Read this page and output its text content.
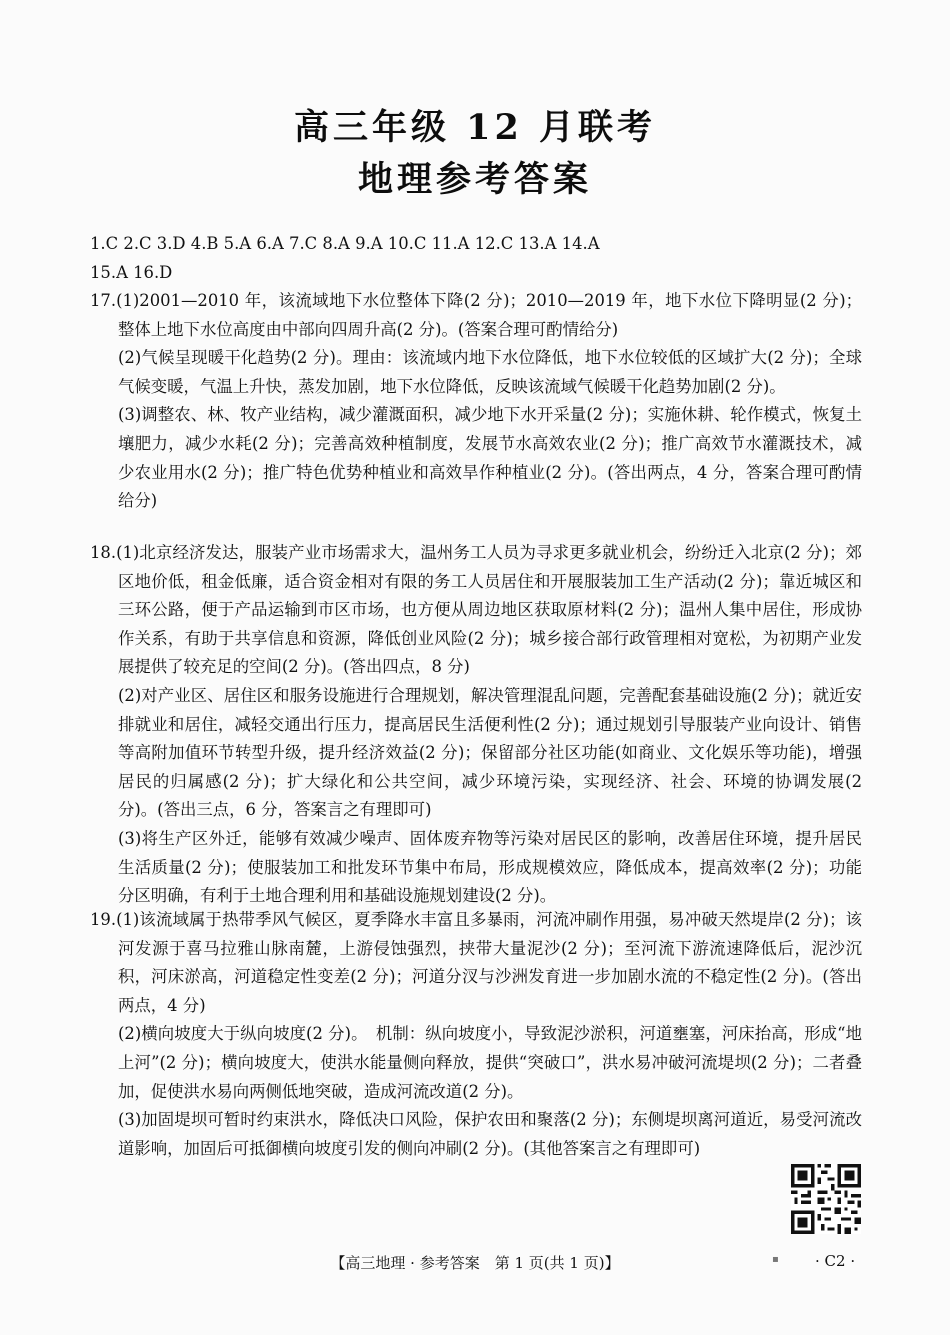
高三年级 12 月联考
地理参考答案

1.C 2.C 3.D 4.B 5.A 6.A 7.C 8.A 9.A 10.C 11.A 12.C 13.A 14.A

15.A 16.D

17.(1)2001—2010 年，该流域地下水位整体下降(2 分)；2010—2019 年，地下水位下降明显(2 分)；整体上地下水位高度由中部向四周升高(2 分)。(答案合理可酌情给分)

(2)气候呈现暖干化趋势(2 分)。理由：该流域内地下水位降低，地下水位较低的区域扩大(2 分)；全球气候变暖，气温上升快，蒸发加剧，地下水位降低，反映该流域气候暖干化趋势加剧(2 分)。

(3)调整农、林、牧产业结构，减少灌溉面积，减少地下水开采量(2 分)；实施休耕、轮作模式，恢复土壤肥力，减少水耗(2 分)；完善高效种植制度，发展节水高效农业(2 分)；推广高效节水灌溉技术，减少农业用水(2 分)；推广特色优势种植业和高效旱作种植业(2 分)。(答出两点，4 分，答案合理可酌情给分)

18.(1)北京经济发达，服装产业市场需求大，温州务工人员为寻求更多就业机会，纷纷迁入北京(2 分)；郊区地价低，租金低廉，适合资金相对有限的务工人员居住和开展服装加工生产活动(2 分)；靠近城区和三环公路，便于产品运输到市区市场，也方便从周边地区获取原材料(2 分)；温州人集中居住，形成协作关系，有助于共享信息和资源，降低创业风险(2 分)；城乡接合部行政管理相对宽松，为初期产业发展提供了较充足的空间(2 分)。(答出四点，8 分)

(2)对产业区、居住区和服务设施进行合理规划，解决管理混乱问题，完善配套基础设施(2 分)；就近安排就业和居住，减轻交通出行压力，提高居民生活便利性(2 分)；通过规划引导服装产业向设计、销售等高附加值环节转型升级，提升经济效益(2 分)；保留部分社区功能(如商业、文化娱乐等功能)，增强居民的归属感(2 分)；扩大绿化和公共空间，减少环境污染，实现经济、社会、环境的协调发展(2 分)。(答出三点，6 分，答案言之有理即可)

(3)将生产区外迁，能够有效减少噪声、固体废弃物等污染对居民区的影响，改善居住环境，提升居民生活质量(2 分)；使服装加工和批发环节集中布局，形成规模效应，降低成本，提高效率(2 分)；功能分区明确，有利于土地合理利用和基础设施规划建设(2 分)。

19.(1)该流域属于热带季风气候区，夏季降水丰富且多暴雨，河流冲刷作用强，易冲破天然堤岸(2 分)；该河发源于喜马拉雅山脉南麓，上游侵蚀强烈，挟带大量泥沙(2 分)；至河流下游流速降低后，泥沙沉积，河床淤高，河道稳定性变差(2 分)；河道分汊与沙洲发育进一步加剧水流的不稳定性(2 分)。(答出两点，4 分)

(2)横向坡度大于纵向坡度(2 分)。　机制：纵向坡度小，导致泥沙淤积，河道壅塞，河床抬高，形成“地上河”(2 分)；横向坡度大，使洪水能量侧向释放，提供“突破口”，洪水易冲破河流堤坝(2 分)；二者叠加，促使洪水易向两侧低地突破，造成河流改道(2 分)。

(3)加固堤坝可暂时约束洪水，降低决口风险，保护农田和聚落(2 分)；东侧堤坝离河道近，易受河流改道影响，加固后可抵御横向坡度引发的侧向冲刷(2 分)。(其他答案言之有理即可)

▪
【高三地理 · 参考答案　第 1 页(共 1 页)】	· C2 ·
